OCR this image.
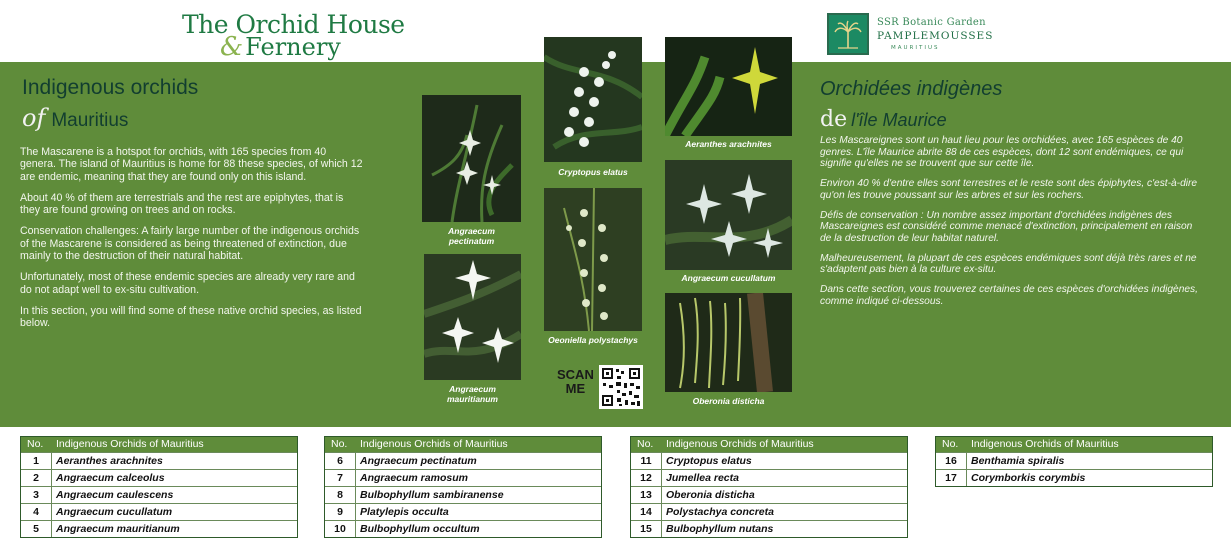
The Orchid House
&Fernery
SSR Botanic Garden
PAMPLEMOUSSES
MAURITIUS
Indigenous orchids
of Mauritius

The Mascarene is a hotspot for orchids, with 165 species from 40 genera. The island of Mauritius is home for 88 these species, of which 12 are endemic, meaning that they are found only on this island.

About 40 % of them are terrestrials and the rest are epiphytes, that is they are found growing on trees and on rocks.

Conservation challenges: A fairly large number of the indigenous orchids of the Mascarene is considered as being threatened of extinction, due mainly to the destruction of their natural habitat.

Unfortunately, most of these endemic species are already very rare and do not adapt well to ex-situ cultivation.

In this section, you will find some of these native orchid species, as listed below.

Orchidées indigènes
de l'île Maurice

Les Mascareignes sont un haut lieu pour les orchidées, avec 165 espèces de 40 genres. L'île Maurice abrite 88 de ces espèces, dont 12 sont endémiques, ce qui signifie qu'elles ne se trouvent que sur cette île.

Environ 40 % d'entre elles sont terrestres et le reste sont des épiphytes, c'est-à-dire qu'on les trouve poussant sur les arbres et sur les rochers.

Défis de conservation : Un nombre assez important d'orchidées indigènes des Mascareignes est considéré comme menacé d'extinction, principalement en raison de la destruction de leur habitat naturel.

Malheureusement, la plupart de ces espèces endémiques sont déjà très rares et ne s'adaptent pas bien à la culture ex-situ.

Dans cette section, vous trouverez certaines de ces espèces d'orchidées indigènes, comme indiqué ci-dessous.

Angraecum
pectinatum
Angraecum
mauritianum
Cryptopus elatus
Oeoniella polystachys
Aeranthes arachnites
Angraecum cucullatum
Oberonia disticha
SCAN
ME
No. Indigenous Orchids of Mauritius
1	Aeranthes arachnites
2	Angraecum calceolus
3	Angraecum caulescens
4	Angraecum cucullatum
5	Angraecum mauritianum
No. Indigenous Orchids of Mauritius
6	Angraecum pectinatum
7	Angraecum ramosum
8	Bulbophyllum sambiranense
9	Platylepis occulta
10	Bulbophyllum occultum
No. Indigenous Orchids of Mauritius
11	Cryptopus elatus
12	Jumellea recta
13	Oberonia disticha
14	Polystachya concreta
15	Bulbophyllum nutans
No. Indigenous Orchids of Mauritius
16	Benthamia spiralis
17	Corymborkis corymbis
